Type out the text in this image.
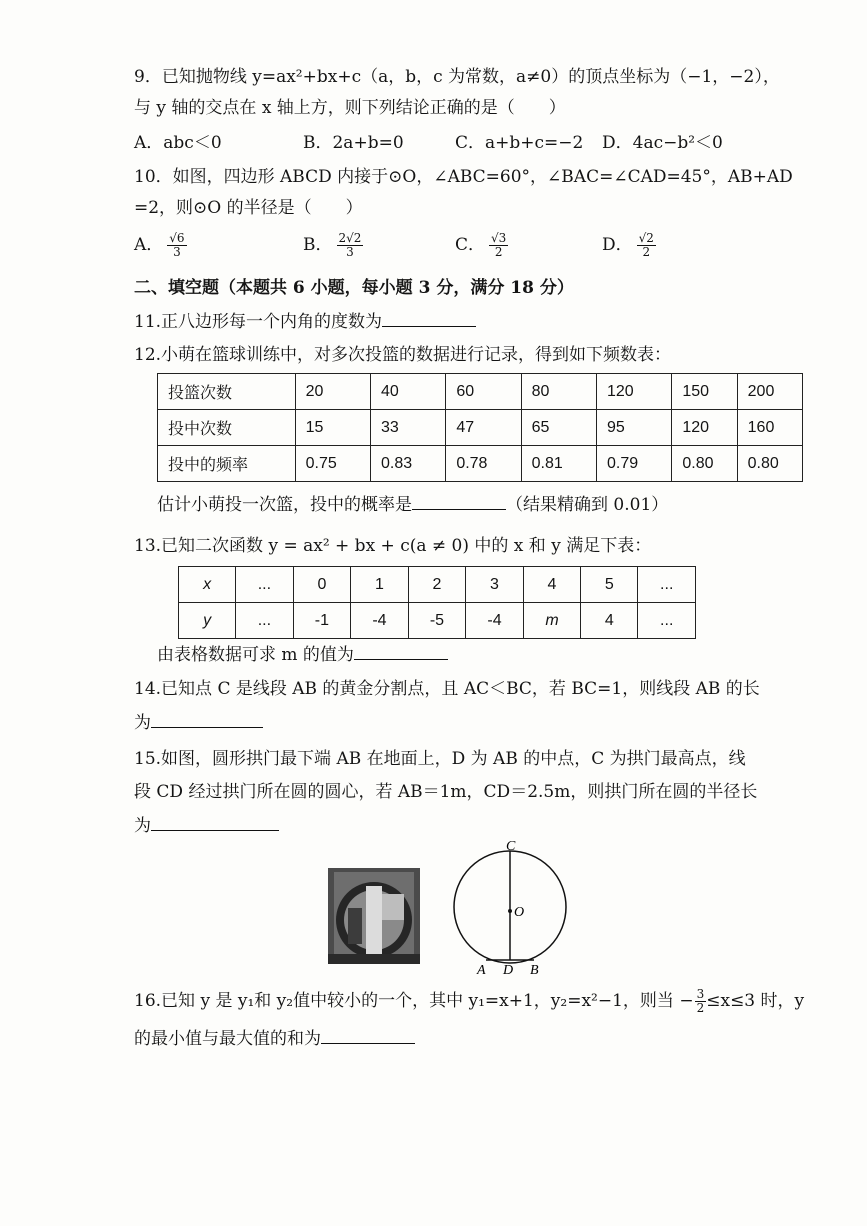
9．已知抛物线 y=ax²+bx+c（a，b，c 为常数，a≠0）的顶点坐标为（−1，−2），
与 y 轴的交点在 x 轴上方，则下列结论正确的是（　　）
A．abc＜0	B．2a+b=0	C．a+b+c=−2 D．4ac−b²＜0
10．如图，四边形 ABCD 内接于⊙O，∠ABC=60°，∠BAC=∠CAD=45°，AB+AD
=2，则⊙O 的半径是（　　）
A． $\frac{√6}{3}$	B． $\frac{2√2}{3}$	C． $\frac{√3}{2}$	D． $\frac{√2}{2}$
二、填空题（本题共 6 小题，每小题 3 分，满分 18 分）
11.正八边形每一个内角的度数为
12.小萌在篮球训练中，对多次投篮的数据进行记录，得到如下频数表：
投篮次数	20	40	60	80	120	150	200
投中次数	15	33	47	65	95	120	160
投中的频率	0.75	0.83	0.78	0.81	0.79	0.80	0.80
估计小萌投一次篮，投中的概率是	（结果精确到 0.01）
13.已知二次函数 y = ax² + bx + c(a ≠ 0) 中的 x 和 y 满足下表：
x	...	0	1	2	3	4	5	...
y	...	-1	-4	-5	-4	m	4	...
由表格数据可求 m 的值为
14.已知点 C 是线段 AB 的黄金分割点，且 AC＜BC，若 BC=1，则线段 AB 的长
为
15.如图，圆形拱门最下端 AB 在地面上，D 为 AB 的中点，C 为拱门最高点，线
段 CD 经过拱门所在圆的圆心，若 AB＝1m，CD＝2.5m，则拱门所在圆的半径长
为
C
O
A D B
16.已知 y 是 y₁和 y₂值中较小的一个，其中 y₁=x+1，y₂=x²−1，则当 − $\frac{3}{2} \le x\le 3$ 时，y
的最小值与最大值的和为
